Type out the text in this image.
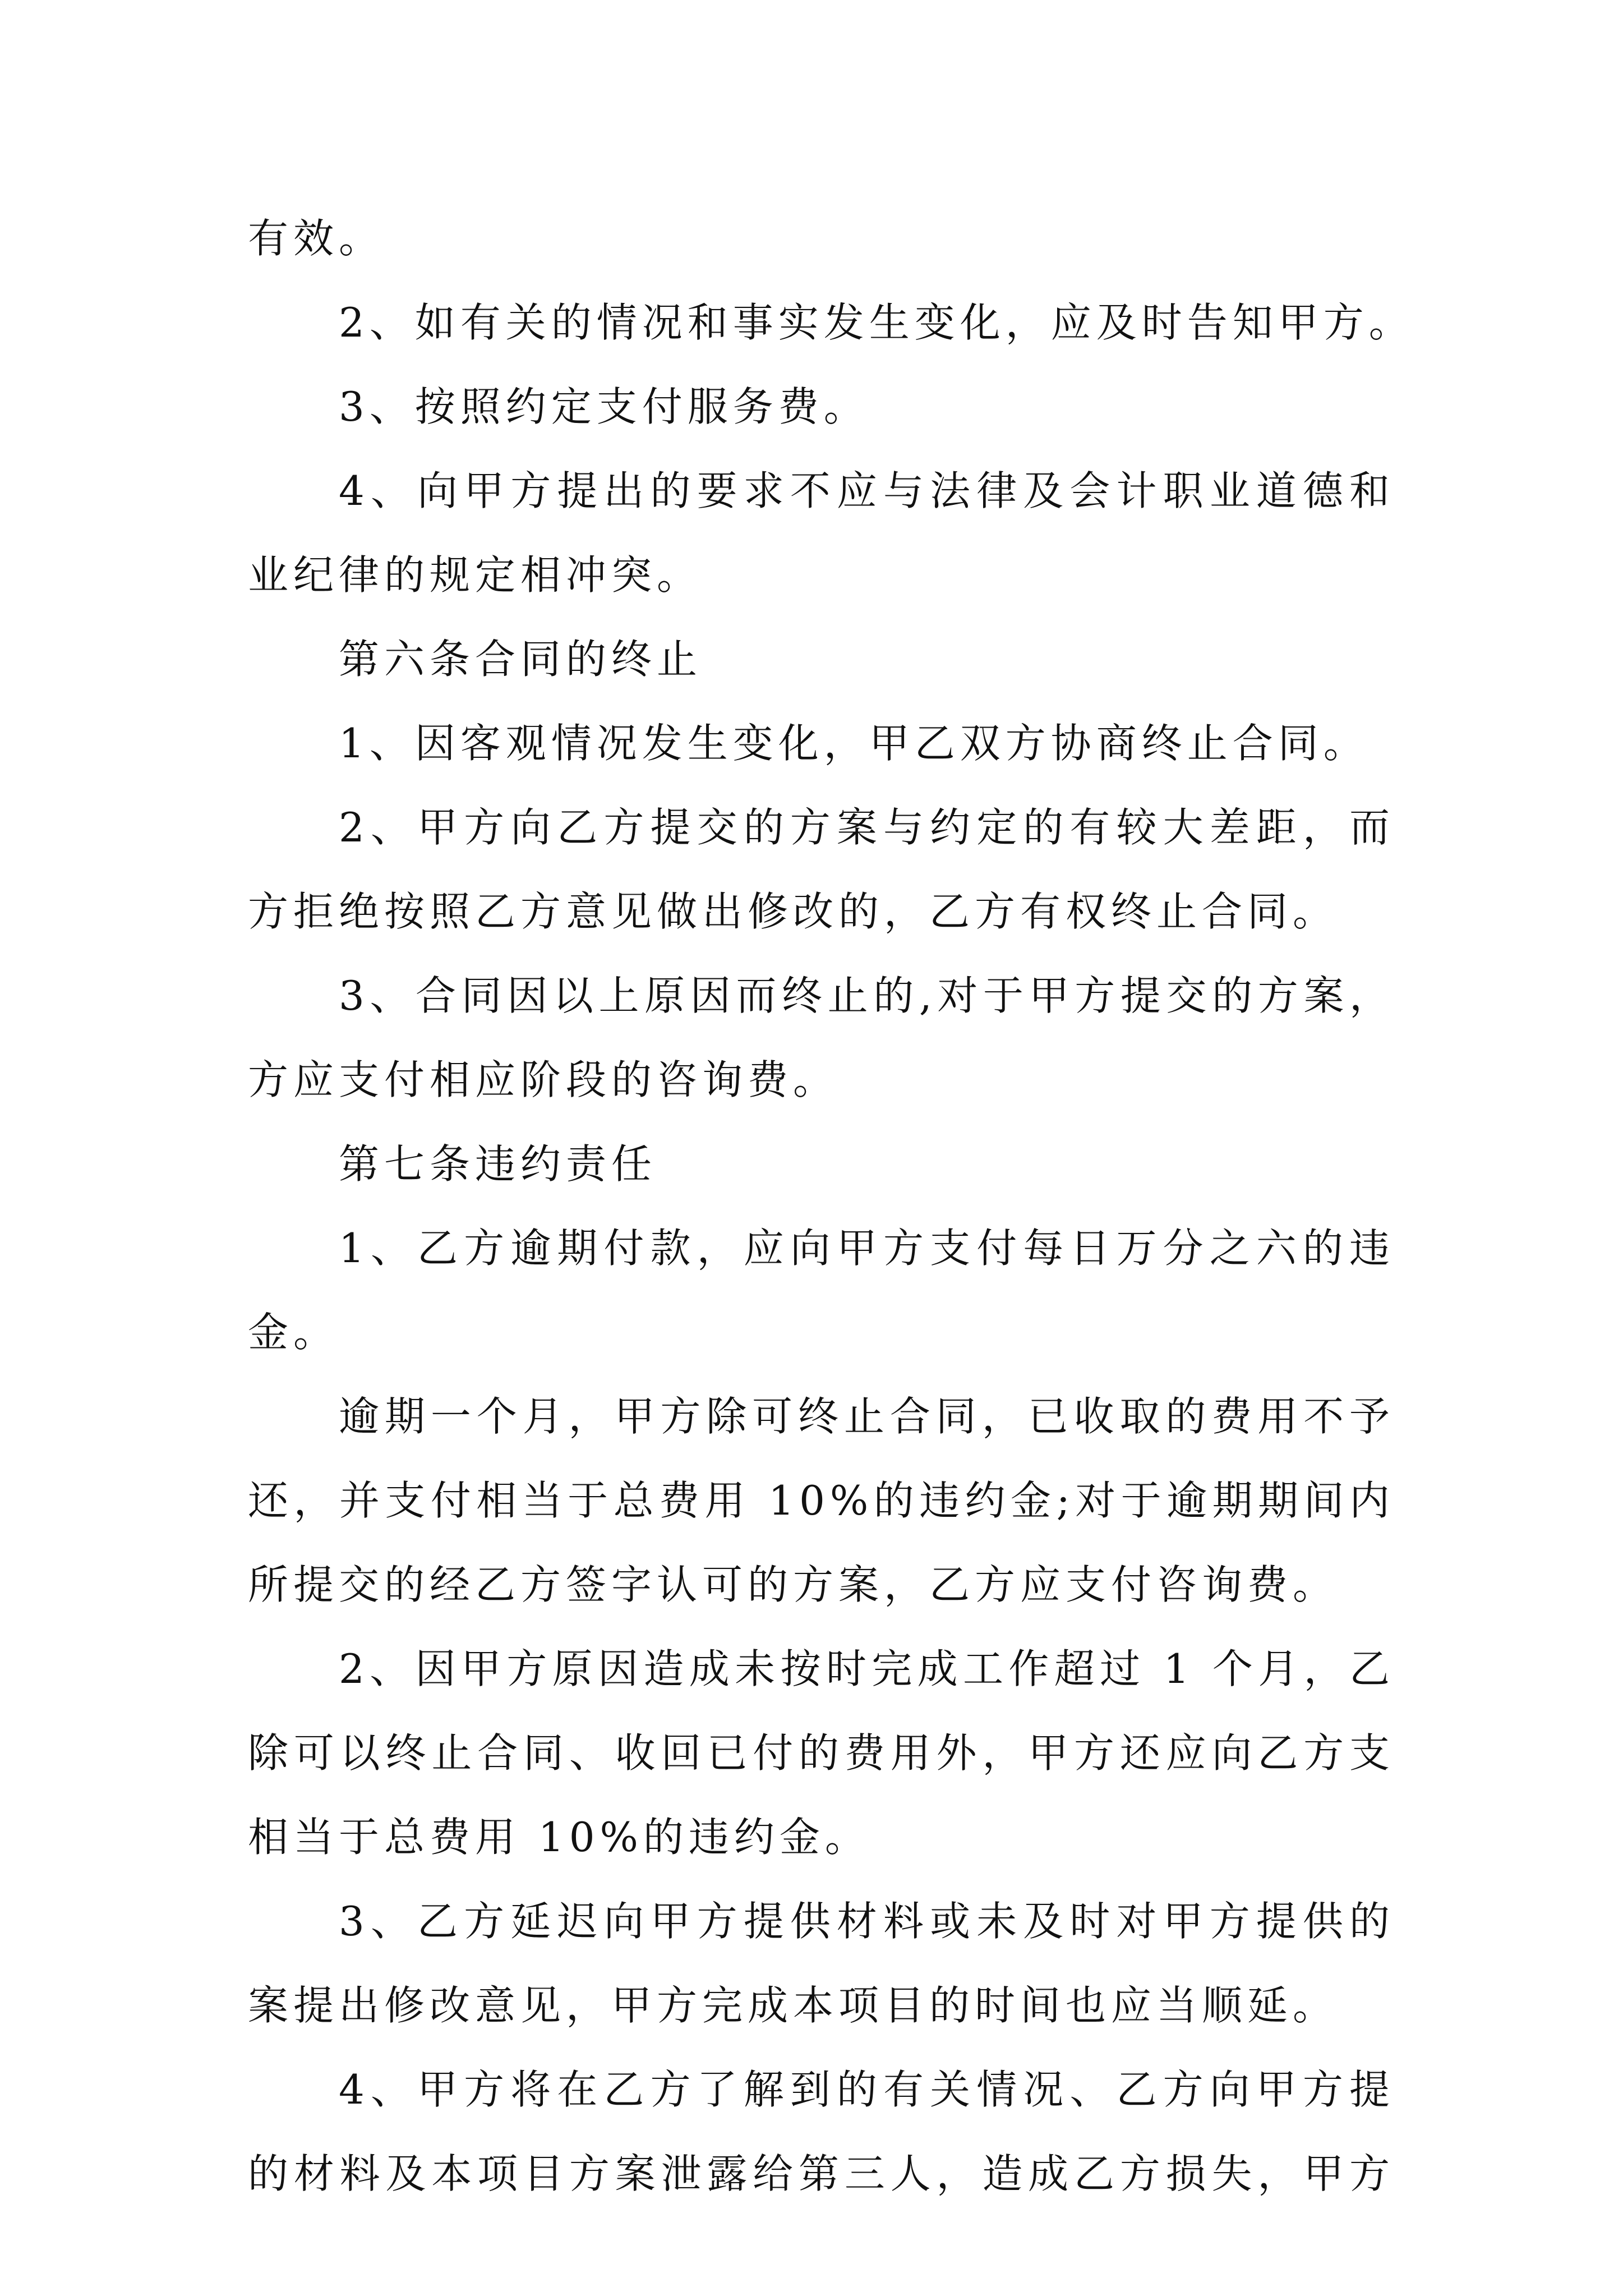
有效。
2、如有关的情况和事实发生变化，应及时告知甲方。
3、按照约定支付服务费。
4、向甲方提出的要求不应与法律及会计职业道德和
业纪律的规定相冲突。
第六条合同的终止
1、因客观情况发生变化，甲乙双方协商终止合同。
2、甲方向乙方提交的方案与约定的有较大差距，而
方拒绝按照乙方意见做出修改的，乙方有权终止合同。
3、合同因以上原因而终止的,对于甲方提交的方案，
方应支付相应阶段的咨询费。
第七条违约责任
1、乙方逾期付款，应向甲方支付每日万分之六的违
金。
逾期一个月，甲方除可终止合同，已收取的费用不予
还，并支付相当于总费用 10%的违约金;对于逾期期间内
所提交的经乙方签字认可的方案，乙方应支付咨询费。
2、因甲方原因造成未按时完成工作超过 1 个月，乙
除可以终止合同、收回已付的费用外，甲方还应向乙方支
相当于总费用 10%的违约金。
3、乙方延迟向甲方提供材料或未及时对甲方提供的
案提出修改意见，甲方完成本项目的时间也应当顺延。
4、甲方将在乙方了解到的有关情况、乙方向甲方提
的材料及本项目方案泄露给第三人，造成乙方损失，甲方
